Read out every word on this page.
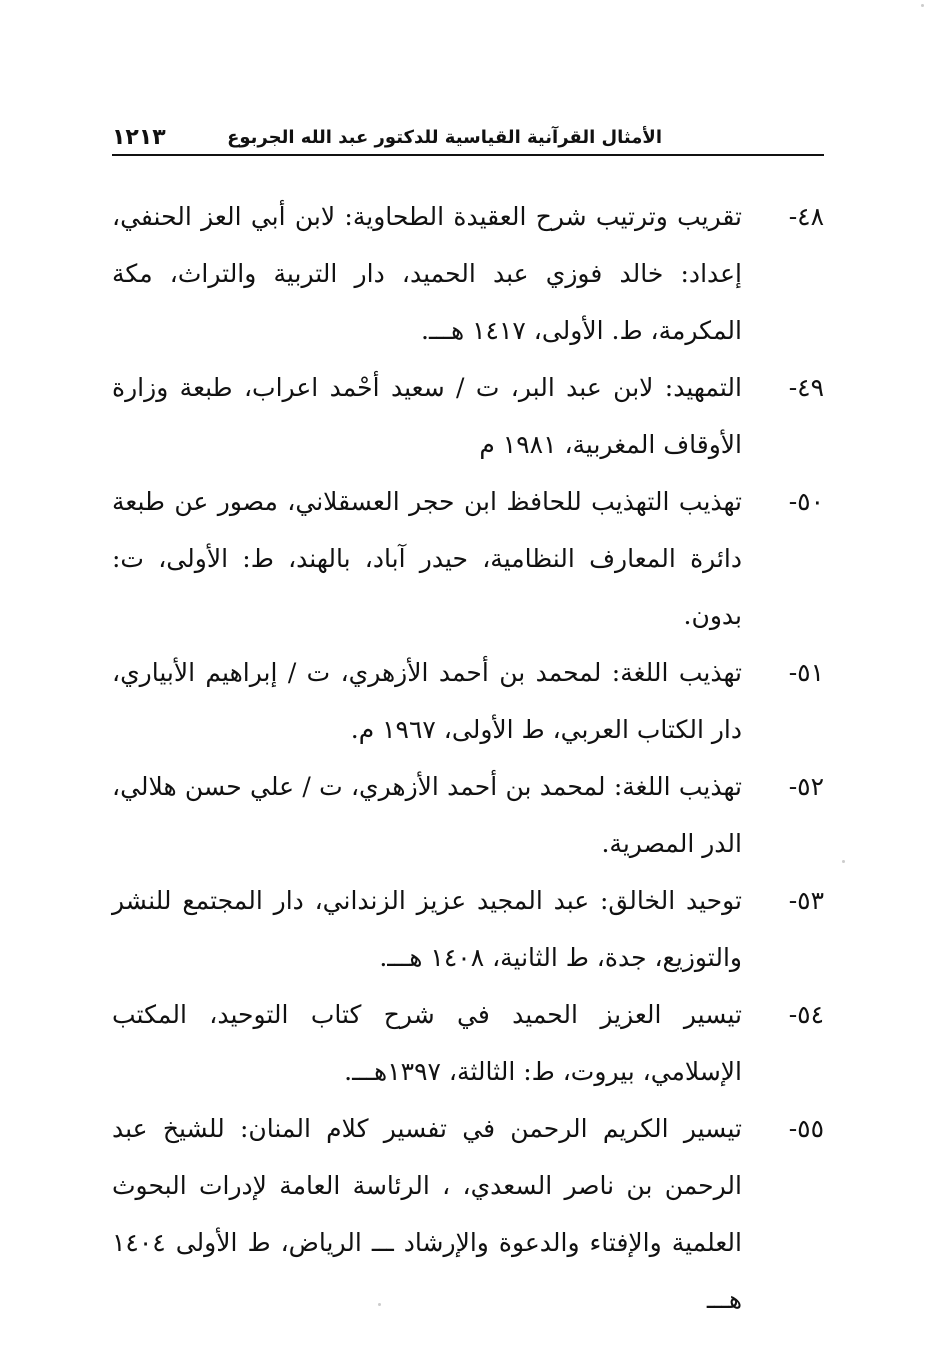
الأمثال القرآنية القياسية للدكتور عبد الله الجربوع
١٢١٣
٤٨-
تقريب وترتيب شرح العقيدة الطحاوية: لابن أبي العز الحنفي، إعداد: خالد فوزي عبد الحميد، دار التربية والتراث، مكة المكرمة، ط. الأولى، ١٤١٧ هـــ.
٤٩-
التمهيد: لابن عبد البر، ت / سعيد أحْمد اعراب، طبعة وزارة الأوقاف المغربية، ١٩٨١ م
٥٠-
تهذيب التهذيب للحافظ ابن حجر العسقلاني، مصور عن طبعة دائرة المعارف النظامية، حيدر آباد، بالهند، ط: الأولى، ت: بدون.
٥١-
تهذيب اللغة: لمحمد بن أحمد الأزهري، ت / إبراهيم الأبياري، دار الكتاب العربي، ط الأولى، ١٩٦٧ م.
٥٢-
تهذيب اللغة: لمحمد بن أحمد الأزهري، ت / علي حسن هلالي، الدر المصرية.
٥٣-
توحيد الخالق: عبد المجيد عزيز الزنداني، دار المجتمع للنشر والتوزيع، جدة، ط الثانية، ١٤٠٨ هـــ.
٥٤-
تيسير العزيز الحميد في شرح كتاب التوحيد، المكتب الإسلامي، بيروت، ط: الثالثة، ١٣٩٧هـــ.
٥٥-
تيسير الكريم الرحمن في تفسير كلام المنان: للشيخ عبد الرحمن بن ناصر السعدي، ، الرئاسة العامة لإدرات البحوث العلمية والإفتاء والدعوة والإرشاد ـــ الرياض، ط الأولى ١٤٠٤ هـــ
